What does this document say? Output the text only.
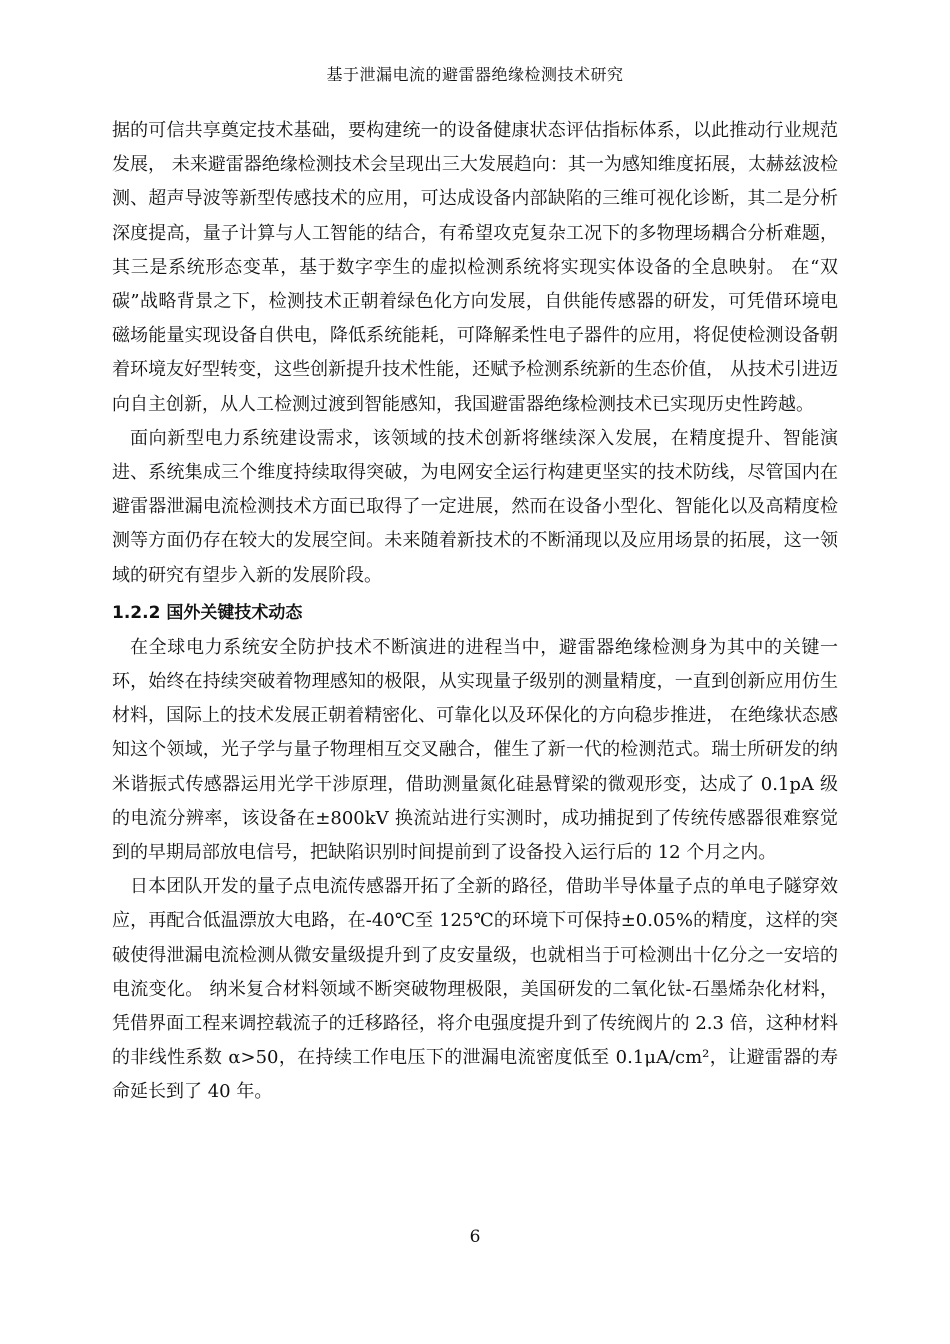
基于泄漏电流的避雷器绝缘检测技术研究

据的可信共享奠定技术基础，要构建统一的设备健康状态评估指标体系，以此推动行业规范发展， 未来避雷器绝缘检测技术会呈现出三大发展趋向：其一为感知维度拓展，太赫兹波检测、超声导波等新型传感技术的应用，可达成设备内部缺陷的三维可视化诊断，其二是分析深度提高，量子计算与人工智能的结合，有希望攻克复杂工况下的多物理场耦合分析难题，其三是系统形态变革，基于数字孪生的虚拟检测系统将实现实体设备的全息映射。 在“双碳”战略背景之下，检测技术正朝着绿色化方向发展，自供能传感器的研发，可凭借环境电磁场能量实现设备自供电，降低系统能耗，可降解柔性电子器件的应用，将促使检测设备朝着环境友好型转变，这些创新提升技术性能，还赋予检测系统新的生态价值， 从技术引进迈向自主创新，从人工检测过渡到智能感知，我国避雷器绝缘检测技术已实现历史性跨越。

面向新型电力系统建设需求，该领域的技术创新将继续深入发展，在精度提升、智能演进、系统集成三个维度持续取得突破，为电网安全运行构建更坚实的技术防线，尽管国内在避雷器泄漏电流检测技术方面已取得了一定进展，然而在设备小型化、智能化以及高精度检测等方面仍存在较大的发展空间。未来随着新技术的不断涌现以及应用场景的拓展，这一领域的研究有望步入新的发展阶段。

1.2.2 国外关键技术动态

在全球电力系统安全防护技术不断演进的进程当中，避雷器绝缘检测身为其中的关键一环，始终在持续突破着物理感知的极限，从实现量子级别的测量精度，一直到创新应用仿生材料，国际上的技术发展正朝着精密化、可靠化以及环保化的方向稳步推进， 在绝缘状态感知这个领域，光子学与量子物理相互交叉融合，催生了新一代的检测范式。瑞士所研发的纳米谐振式传感器运用光学干涉原理，借助测量氮化硅悬臂梁的微观形变，达成了 0.1pA 级的电流分辨率，该设备在±800kV 换流站进行实测时，成功捕捉到了传统传感器很难察觉到的早期局部放电信号，把缺陷识别时间提前到了设备投入运行后的 12 个月之内。

日本团队开发的量子点电流传感器开拓了全新的路径，借助半导体量子点的单电子隧穿效应，再配合低温漂放大电路，在-40℃至 125℃的环境下可保持±0.05%的精度，这样的突破使得泄漏电流检测从微安量级提升到了皮安量级，也就相当于可检测出十亿分之一安培的电流变化。 纳米复合材料领域不断突破物理极限，美国研发的二氧化钛-石墨烯杂化材料，凭借界面工程来调控载流子的迁移路径，将介电强度提升到了传统阀片的 2.3 倍，这种材料的非线性系数 α>50，在持续工作电压下的泄漏电流密度低至 0.1μA/cm²，让避雷器的寿命延长到了 40 年。

6
